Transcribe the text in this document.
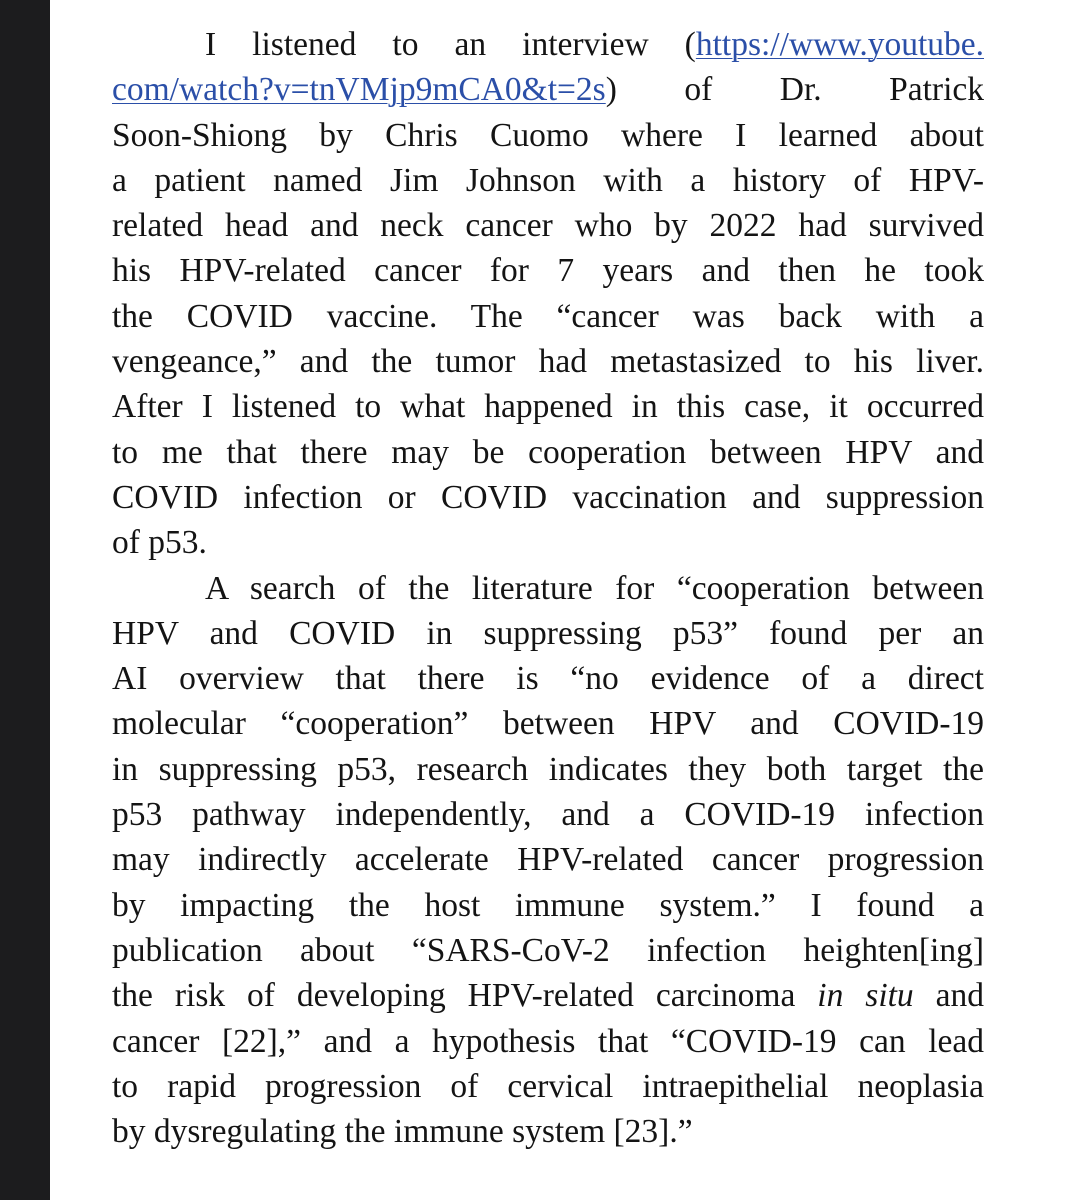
I listened to an interview (https://www.youtube.
com/watch?v=tnVMjp9mCA0&t=2s) of Dr. Patrick
Soon-Shiong by Chris Cuomo where I learned about
a patient named Jim Johnson with a history of HPV-
related head and neck cancer who by 2022 had survived
his HPV-related cancer for 7 years and then he took
the COVID vaccine. The “cancer was back with a
vengeance,” and the tumor had metastasized to his liver.
After I listened to what happened in this case, it occurred
to me that there may be cooperation between HPV and
COVID infection or COVID vaccination and suppression
of p53.
A search of the literature for “cooperation between
HPV and COVID in suppressing p53” found per an
AI overview that there is “no evidence of a direct
molecular “cooperation” between HPV and COVID-19
in suppressing p53, research indicates they both target the
p53 pathway independently, and a COVID-19 infection
may indirectly accelerate HPV-related cancer progression
by impacting the host immune system.” I found a
publication about “SARS-CoV-2 infection heighten[ing]
the risk of developing HPV-related carcinoma in situ and
cancer [22],” and a hypothesis that “COVID-19 can lead
to rapid progression of cervical intraepithelial neoplasia
by dysregulating the immune system [23].”
